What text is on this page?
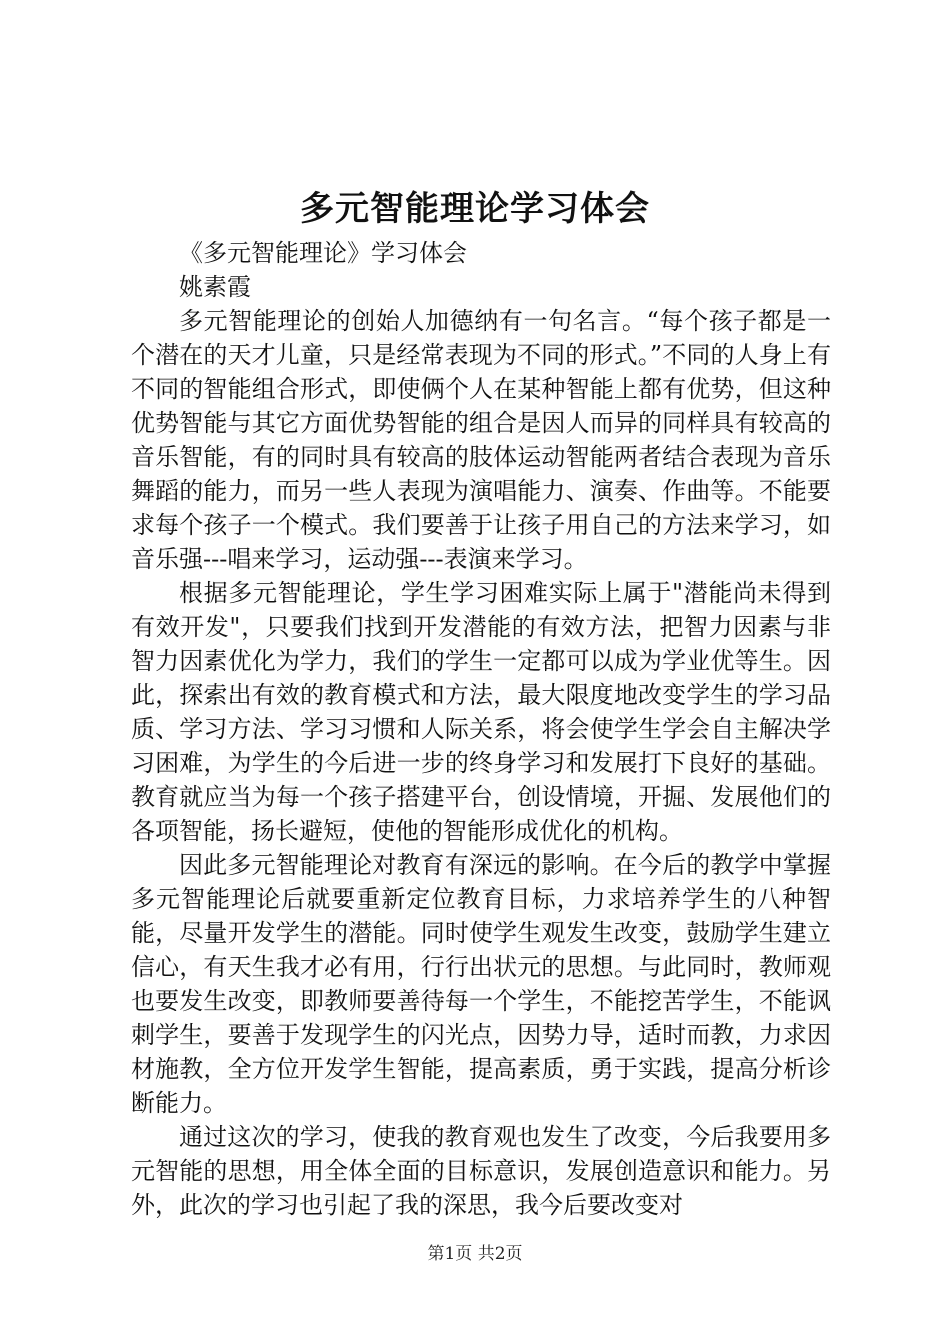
多元智能理论学习体会

《多元智能理论》学习体会

姚素霞

多元智能理论的创始人加德纳有一句名言。“每个孩子都是一个潜在的天才儿童，只是经常表现为不同的形式。”不同的人身上有不同的智能组合形式，即使俩个人在某种智能上都有优势，但这种优势智能与其它方面优势智能的组合是因人而异的同样具有较高的音乐智能，有的同时具有较高的肢体运动智能两者结合表现为音乐舞蹈的能力，而另一些人表现为演唱能力、演奏、作曲等。不能要求每个孩子一个模式。我们要善于让孩子用自己的方法来学习，如音乐强---唱来学习，运动强---表演来学习。

根据多元智能理论，学生学习困难实际上属于"潜能尚未得到有效开发"，只要我们找到开发潜能的有效方法，把智力因素与非智力因素优化为学力，我们的学生一定都可以成为学业优等生。因此，探索出有效的教育模式和方法，最大限度地改变学生的学习品质、学习方法、学习习惯和人际关系，将会使学生学会自主解决学习困难，为学生的今后进一步的终身学习和发展打下良好的基础。教育就应当为每一个孩子搭建平台，创设情境，开掘、发展他们的各项智能，扬长避短，使他的智能形成优化的机构。

因此多元智能理论对教育有深远的影响。在今后的教学中掌握多元智能理论后就要重新定位教育目标，力求培养学生的八种智能，尽量开发学生的潜能。同时使学生观发生改变，鼓励学生建立信心，有天生我才必有用，行行出状元的思想。与此同时，教师观也要发生改变，即教师要善待每一个学生，不能挖苦学生，不能讽刺学生，要善于发现学生的闪光点，因势力导，适时而教，力求因材施教，全方位开发学生智能，提高素质，勇于实践，提高分析诊断能力。

通过这次的学习，使我的教育观也发生了改变，今后我要用多元智能的思想，用全体全面的目标意识，发展创造意识和能力。另外，此次的学习也引起了我的深思，我今后要改变对

第1页 共2页
